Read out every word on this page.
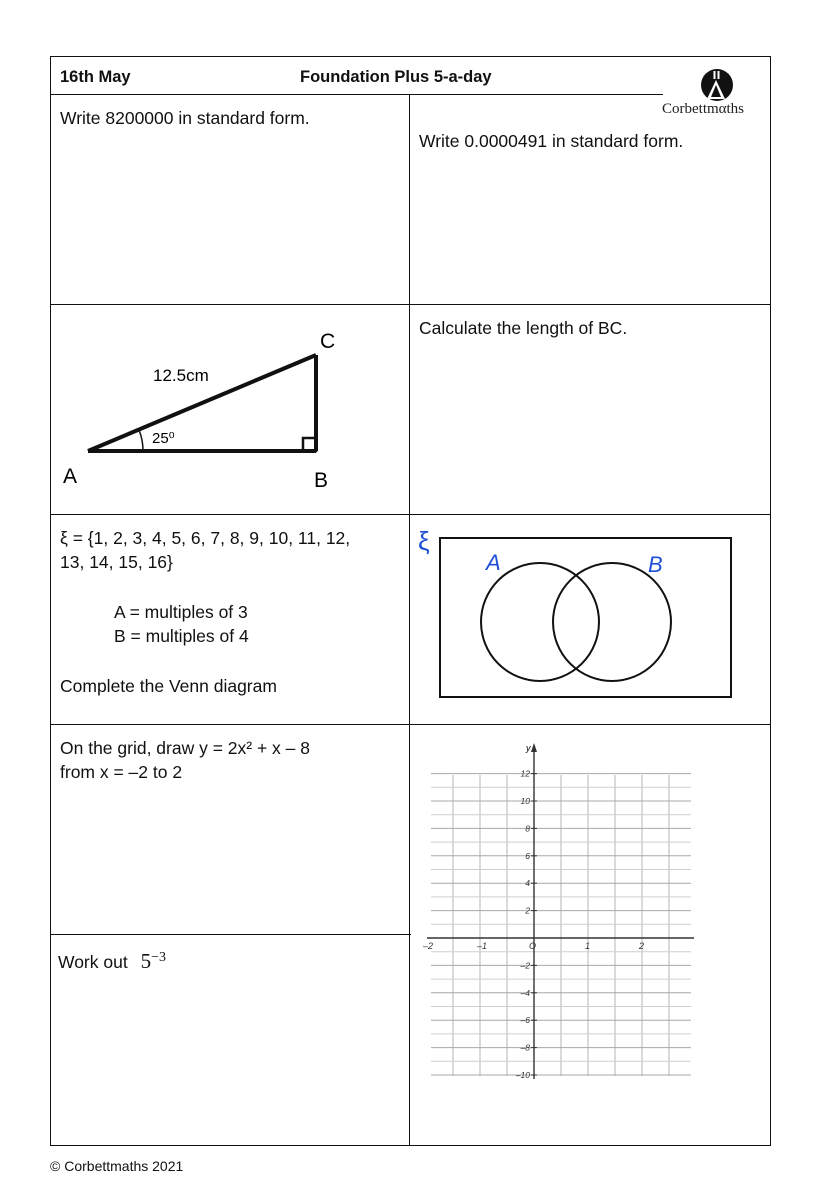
16th May	Foundation Plus 5-a-day
Corbettmαths
Write 8200000 in standard form.
Write 0.0000491 in standard form.
A	B
C
12.5cm
25⁰
Calculate the length of BC.
ξ = {1, 2, 3, 4, 5, 6, 7, 8, 9, 10, 11, 12,
13, 14, 15, 16}
A = multiples of 3
B = multiples of 4
Complete the Venn diagram
ξ
A	B
On the grid, draw y = 2x² + x – 8
from x = –2 to 2
Work out $5^{-3}$
y
–2	–1	O	1	2
12
10
8
6
4
2
–2
–4
–6
–8
–10
© Corbettmaths 2021
